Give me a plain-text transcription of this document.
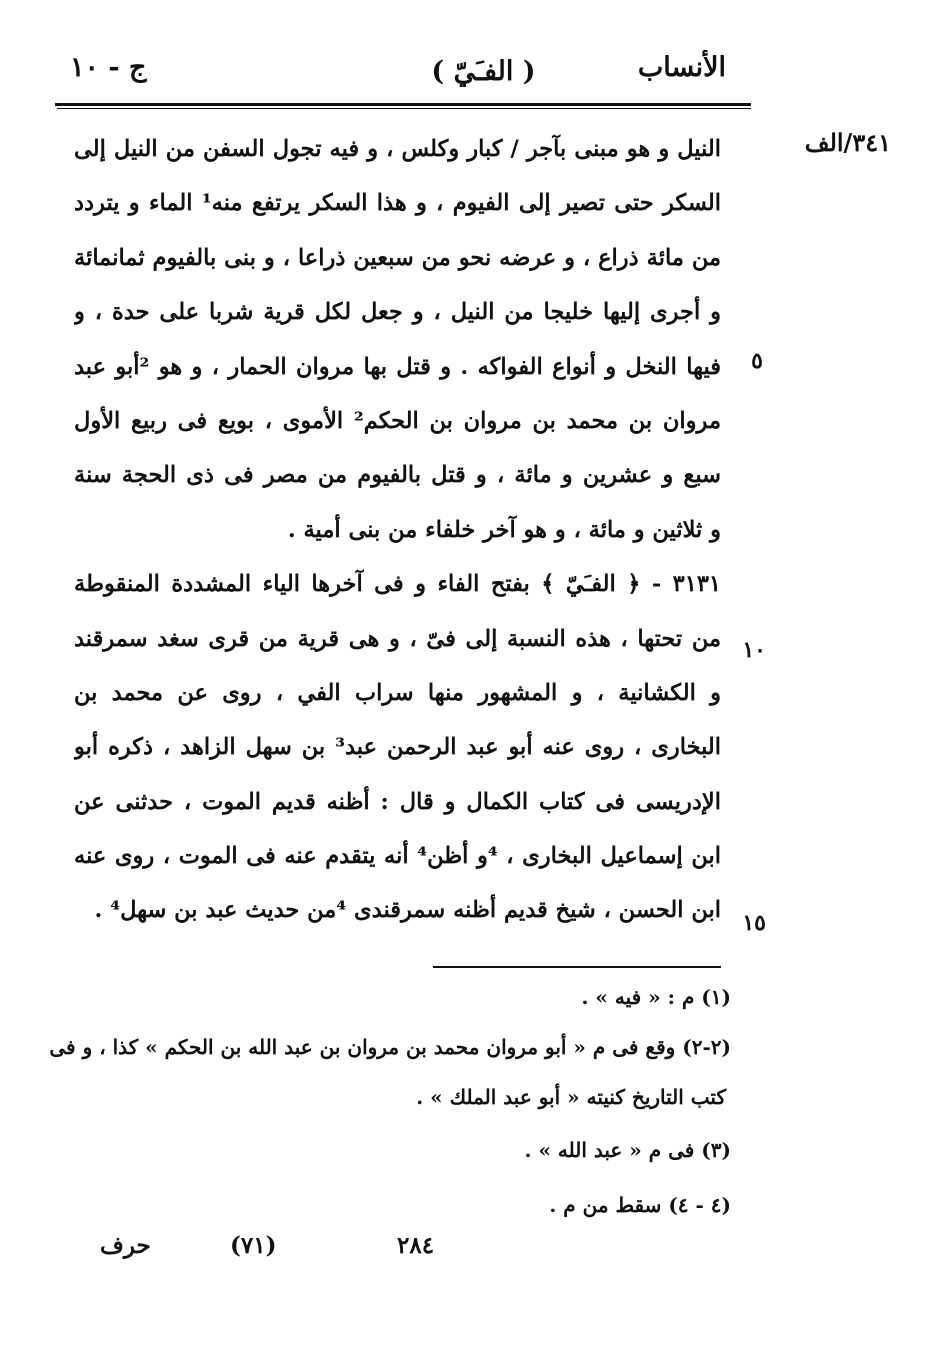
الأنساب
( الفـَيّ )
ج - ١٠
٣٤١/الف
٥
١٠
١٥
النيل و هو مبنى بآجر / كبار وكلس ، و فيه تجول السفن من النيل إلى
السكر حتى تصير إلى الفيوم ، و هذا السكر يرتفع منه¹ الماء و يتردد
من مائة ذراع ، و عرضه نحو من سبعين ذراعا ، و بنى بالفيوم ثمانمائة
و أجرى إليها خليجا من النيل ، و جعل لكل قرية شربا على حدة ، و
فيها النخل و أنواع الفواكه . و قتل بها مروان الحمار ، و هو ²أبو عبد
مروان بن محمد بن مروان بن الحكم² الأموى ، بويع فى ربيع الأول
سبع و عشرين و مائة ، و قتل بالفيوم من مصر فى ذى الحجة سنة
و ثلاثين و مائة ، و هو آخر خلفاء من بنى أمية .
٣١٣١ - ﴿ الفـَيّ ﴾ بفتح الفاء و فى آخرها الياء المشددة المنقوطة
من تحتها ، هذه النسبة إلى فىّ ، و هى قرية من قرى سغد سمرقند
و الكشانية ، و المشهور منها سراب الفي ، روى عن محمد بن
البخارى ، روى عنه أبو عبد الرحمن عبد³ بن سهل الزاهد ، ذكره أبو
الإدريسى فى كتاب الكمال و قال : أظنه قديم الموت ، حدثنى عن
ابن إسماعيل البخارى ، ⁴و أظن⁴ أنه يتقدم عنه فى الموت ، روى عنه
ابن الحسن ، شيخ قديم أظنه سمرقندى ⁴من حديث عبد بن سهل⁴ .
(١) م : « فيه » .
(٢-٢) وقع فى م « أبو مروان محمد بن مروان بن عبد الله بن الحكم » كذا ، و فى
كتب التاريخ كنيته « أبو عبد الملك » .
(٣) فى م « عبد الله » .
(٤ - ٤) سقط من م .
٢٨٤
(٧١)
حرف
